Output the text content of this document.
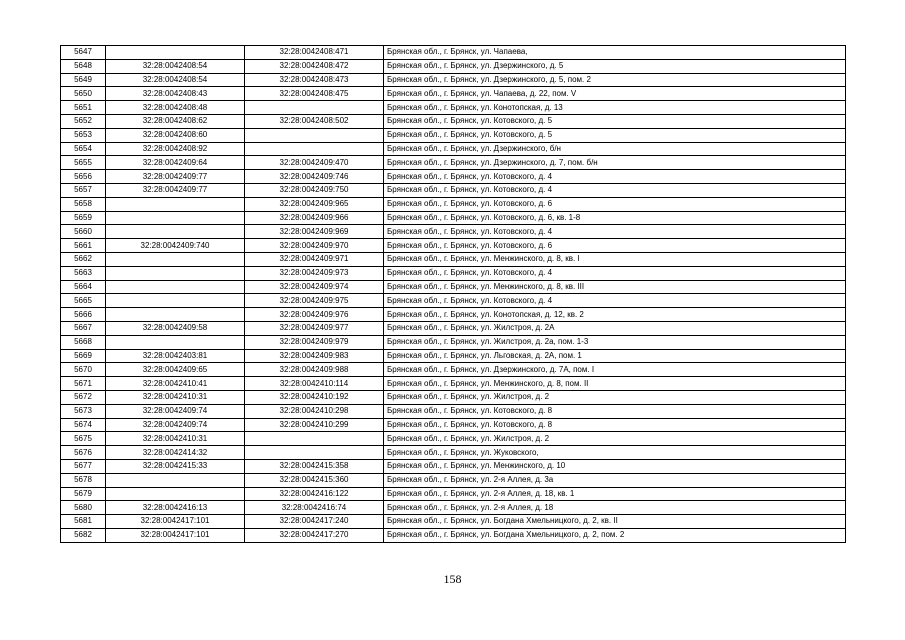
5647		32:28:0042408:471	Брянская обл., г. Брянск, ул. Чапаева,
5648	32:28:0042408:54	32:28:0042408:472	Брянская обл., г. Брянск, ул. Дзержинского, д. 5
5649	32:28:0042408:54	32:28:0042408:473	Брянская обл., г. Брянск, ул. Дзержинского, д. 5, пом. 2
5650	32:28:0042408:43	32:28:0042408:475	Брянская обл., г. Брянск, ул. Чапаева, д. 22, пом. V
5651	32:28:0042408:48		Брянская обл., г. Брянск, ул. Конотопская, д. 13
5652	32:28:0042408:62	32:28:0042408:502	Брянская обл., г. Брянск, ул. Котовского, д. 5
5653	32:28:0042408:60		Брянская обл., г. Брянск, ул. Котовского, д. 5
5654	32:28:0042408:92		Брянская обл., г. Брянск, ул. Дзержинского, б/н
5655	32:28:0042409:64	32:28:0042409:470	Брянская обл., г. Брянск, ул. Дзержинского, д. 7, пом. б/н
5656	32:28:0042409:77	32:28:0042409:746	Брянская обл., г. Брянск, ул. Котовского, д. 4
5657	32:28:0042409:77	32:28:0042409:750	Брянская обл., г. Брянск, ул. Котовского, д. 4
5658		32:28:0042409:965	Брянская обл., г. Брянск, ул. Котовского, д. 6
5659		32:28:0042409:966	Брянская обл., г. Брянск, ул. Котовского, д. 6, кв. 1-8
5660		32:28:0042409:969	Брянская обл., г. Брянск, ул. Котовского, д. 4
5661	32:28:0042409:740	32:28:0042409:970	Брянская обл., г. Брянск, ул. Котовского, д. 6
5662		32:28:0042409:971	Брянская обл., г. Брянск, ул. Менжинского, д. 8, кв. I
5663		32:28:0042409:973	Брянская обл., г. Брянск, ул. Котовского, д. 4
5664		32:28:0042409:974	Брянская обл., г. Брянск, ул. Менжинского, д. 8, кв. III
5665		32:28:0042409:975	Брянская обл., г. Брянск, ул. Котовского, д. 4
5666		32:28:0042409:976	Брянская обл., г. Брянск, ул. Конотопская, д. 12, кв. 2
5667	32:28:0042409:58	32:28:0042409:977	Брянская обл., г. Брянск, ул. Жилстроя, д. 2А
5668		32:28:0042409:979	Брянская обл., г. Брянск, ул. Жилстроя, д. 2а, пом. 1-3
5669	32:28:0042403:81	32:28:0042409:983	Брянская обл., г. Брянск, ул. Льговская, д. 2А, пом. 1
5670	32:28:0042409:65	32:28:0042409:988	Брянская обл., г. Брянск, ул. Дзержинского, д. 7А, пом. I
5671	32:28:0042410:41	32:28:0042410:114	Брянская обл., г. Брянск, ул. Менжинского, д. 8, пом. II
5672	32:28:0042410:31	32:28:0042410:192	Брянская обл., г. Брянск, ул. Жилстроя, д. 2
5673	32:28:0042409:74	32:28:0042410:298	Брянская обл., г. Брянск, ул. Котовского, д. 8
5674	32:28:0042409:74	32:28:0042410:299	Брянская обл., г. Брянск, ул. Котовского, д. 8
5675	32:28:0042410:31		Брянская обл., г. Брянск, ул. Жилстроя, д. 2
5676	32:28:0042414:32		Брянская обл., г. Брянск, ул. Жуковского,
5677	32:28:0042415:33	32:28:0042415:358	Брянская обл., г. Брянск, ул. Менжинского, д. 10
5678		32:28:0042415:360	Брянская обл., г. Брянск, ул. 2-я Аллея, д. 3а
5679		32:28:0042416:122	Брянская обл., г. Брянск, ул. 2-я Аллея, д. 18, кв. 1
5680	32:28:0042416:13	32:28:0042416:74	Брянская обл., г. Брянск, ул. 2-я Аллея, д. 18
5681	32:28:0042417:101	32:28:0042417:240	Брянская обл., г. Брянск, ул. Богдана Хмельницкого, д. 2, кв. II
5682	32:28:0042417:101	32:28:0042417:270	Брянская обл., г. Брянск, ул. Богдана Хмельницкого, д. 2, пом. 2
158
